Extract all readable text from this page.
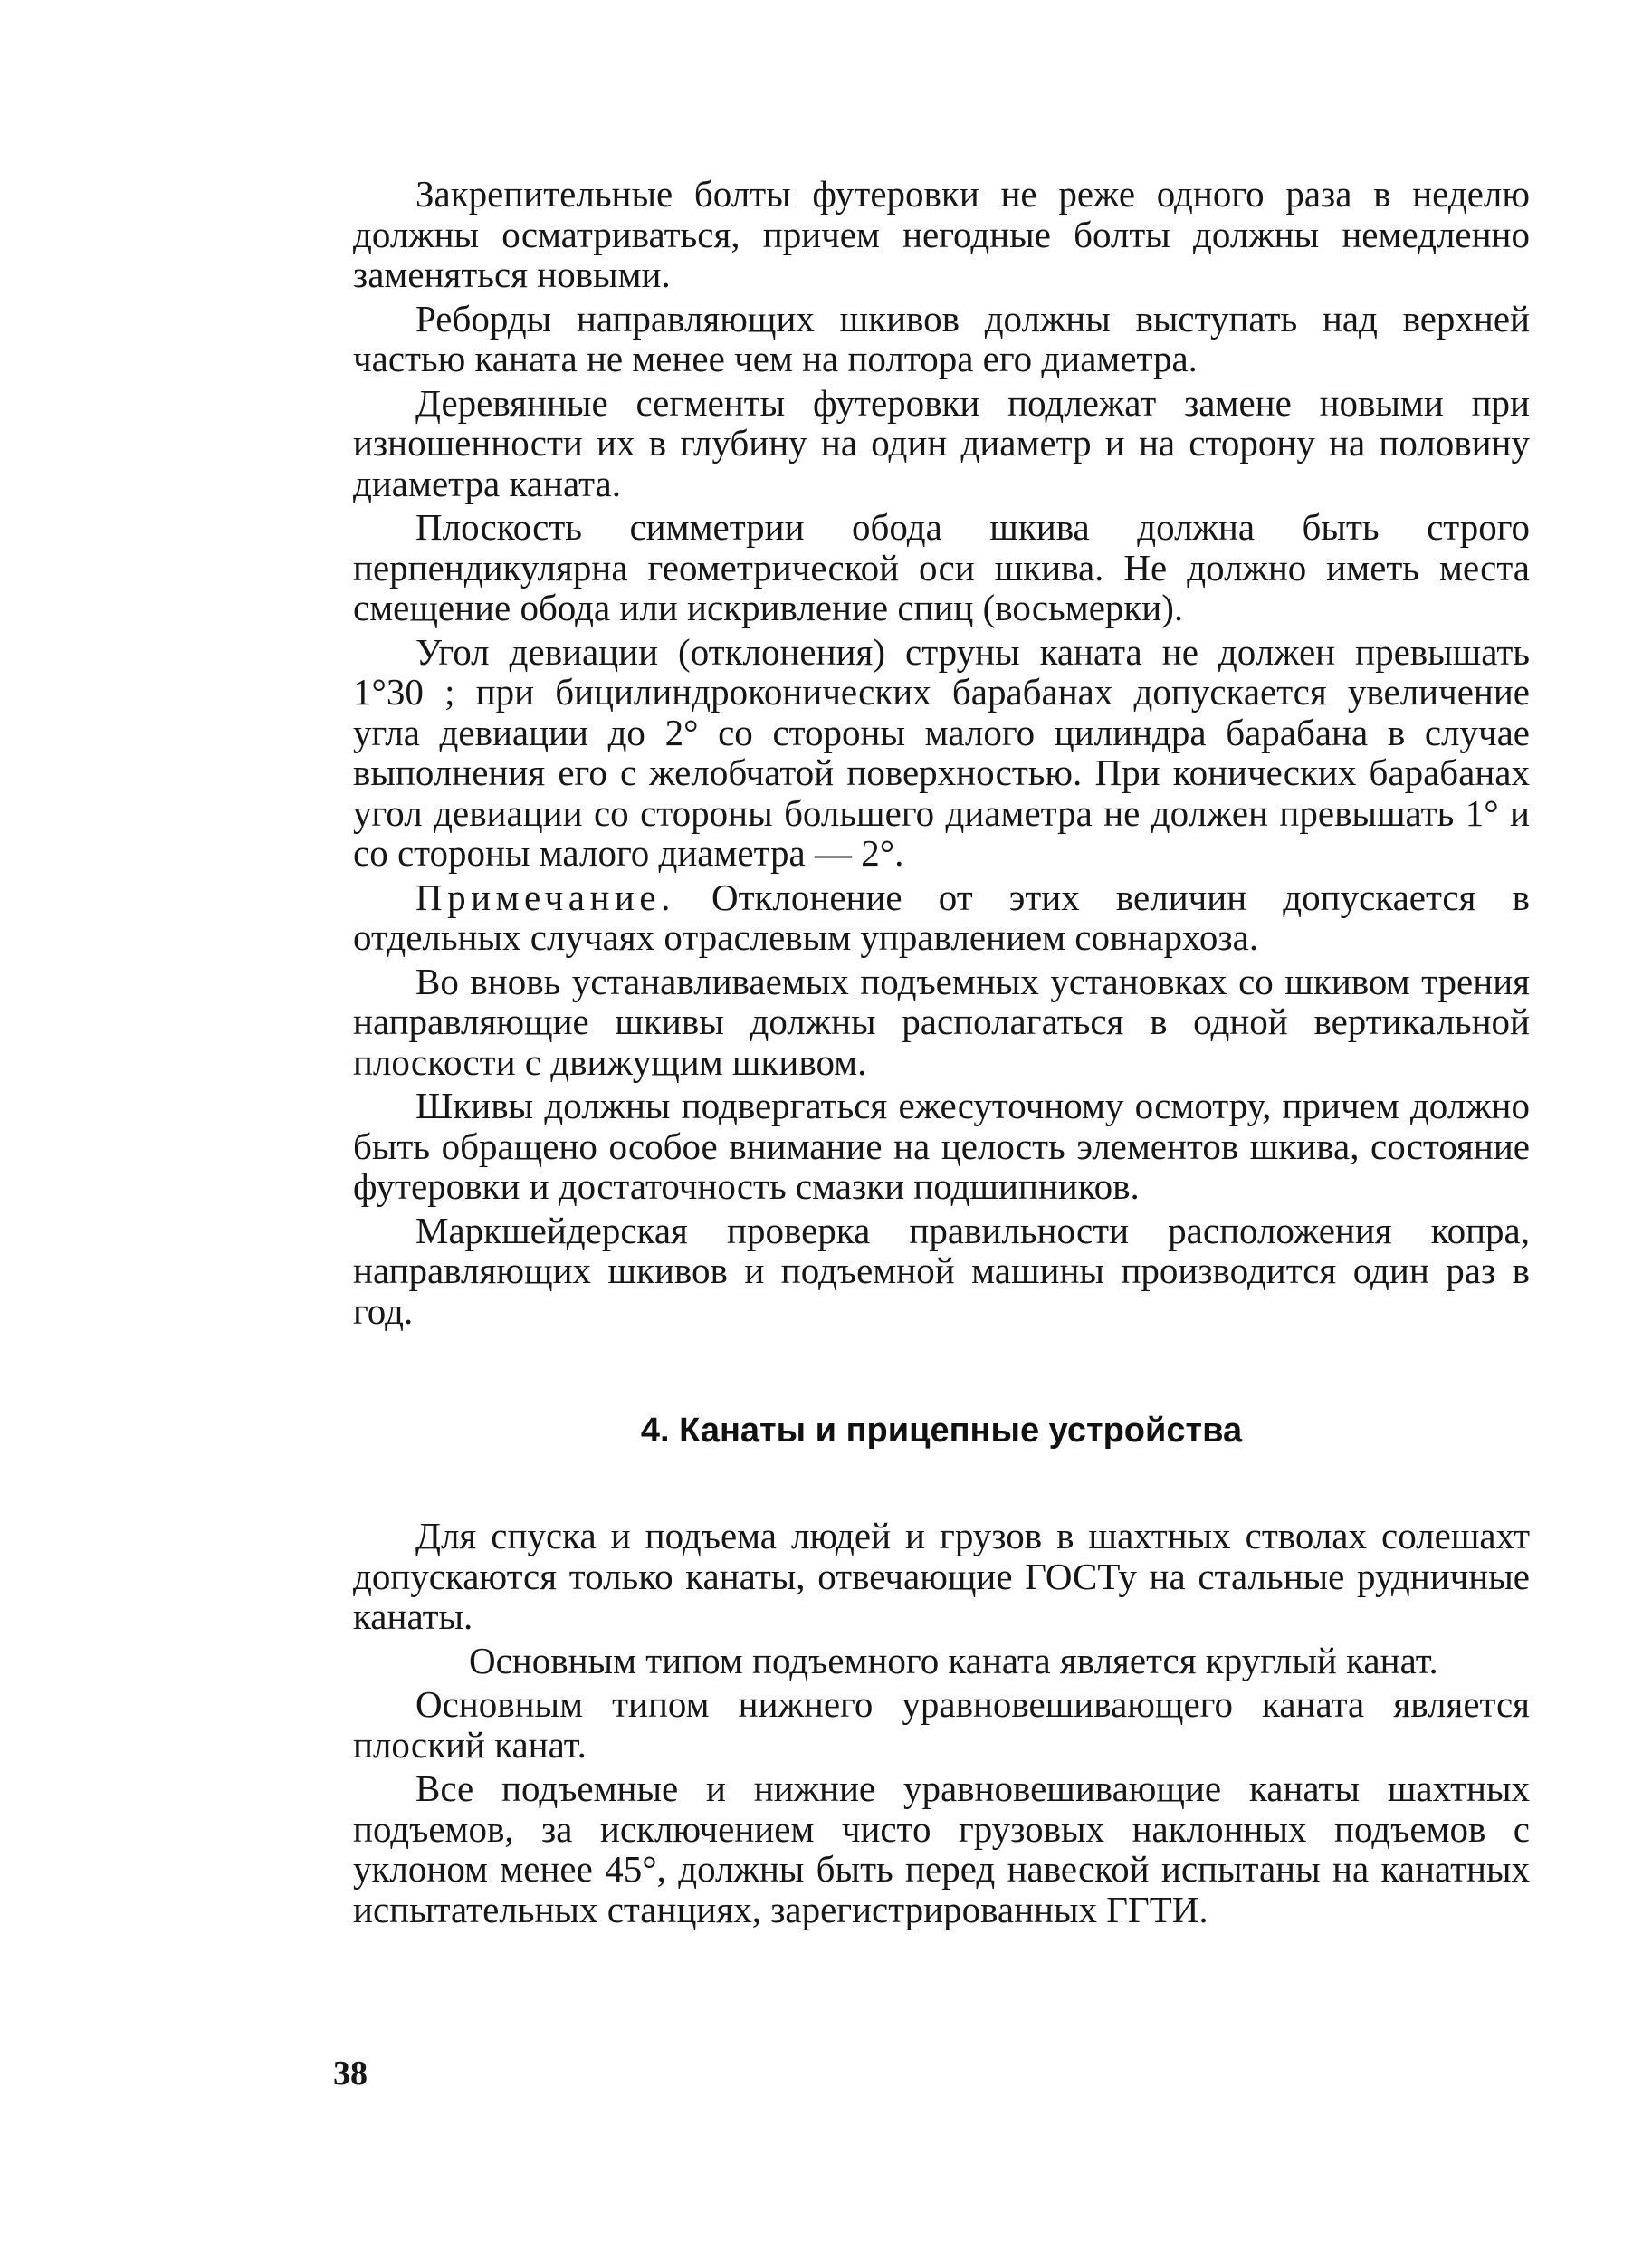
Закрепительные болты футеровки не реже одного раза в неделю должны осматриваться, причем негодные болты должны немедленно заменяться новыми.

Реборды направляющих шкивов должны выступать над верхней частью каната не менее чем на полтора его диаметра.

Деревянные сегменты футеровки подлежат замене новыми при изношенности их в глубину на один диаметр и на сторону на половину диаметра каната.

Плоскость симметрии обода шкива должна быть строго перпендикулярна геометрической оси шкива. Не должно иметь места смещение обода или искривление спиц (восьмерки).

Угол девиации (отклонения) струны каната не должен превышать 1°30 ; при бицилиндроконических барабанах допускается увеличение угла девиации до 2° со стороны малого цилиндра барабана в случае выполнения его с желобчатой поверхностью. При конических барабанах угол девиации со стороны большего диаметра не должен превышать 1° и со стороны малого диаметра — 2°.

Примечание. Отклонение от этих величин допускается в отдельных случаях отраслевым управлением совнархоза.

Во вновь устанавливаемых подъемных установках со шкивом трения направляющие шкивы должны располагаться в одной вертикальной плоскости с движущим шкивом.

Шкивы должны подвергаться ежесуточному осмотру, причем должно быть обращено особое внимание на целость элементов шкива, состояние футеровки и достаточность смазки подшипников.

Маркшейдерская проверка правильности расположения копра, направляющих шкивов и подъемной машины производится один раз в год.

4. Канаты и прицепные устройства

Для спуска и подъема людей и грузов в шахтных стволах солешахт допускаются только канаты, отвечающие ГОСТу на стальные рудничные канаты.

Основным типом подъемного каната является круглый канат.

Основным типом нижнего уравновешивающего каната является плоский канат.

Все подъемные и нижние уравновешивающие канаты шахтных подъемов, за исключением чисто грузовых наклонных подъемов с уклоном менее 45°, должны быть перед навеской испытаны на канатных испытательных станциях, зарегистрированных ГГТИ.

38
